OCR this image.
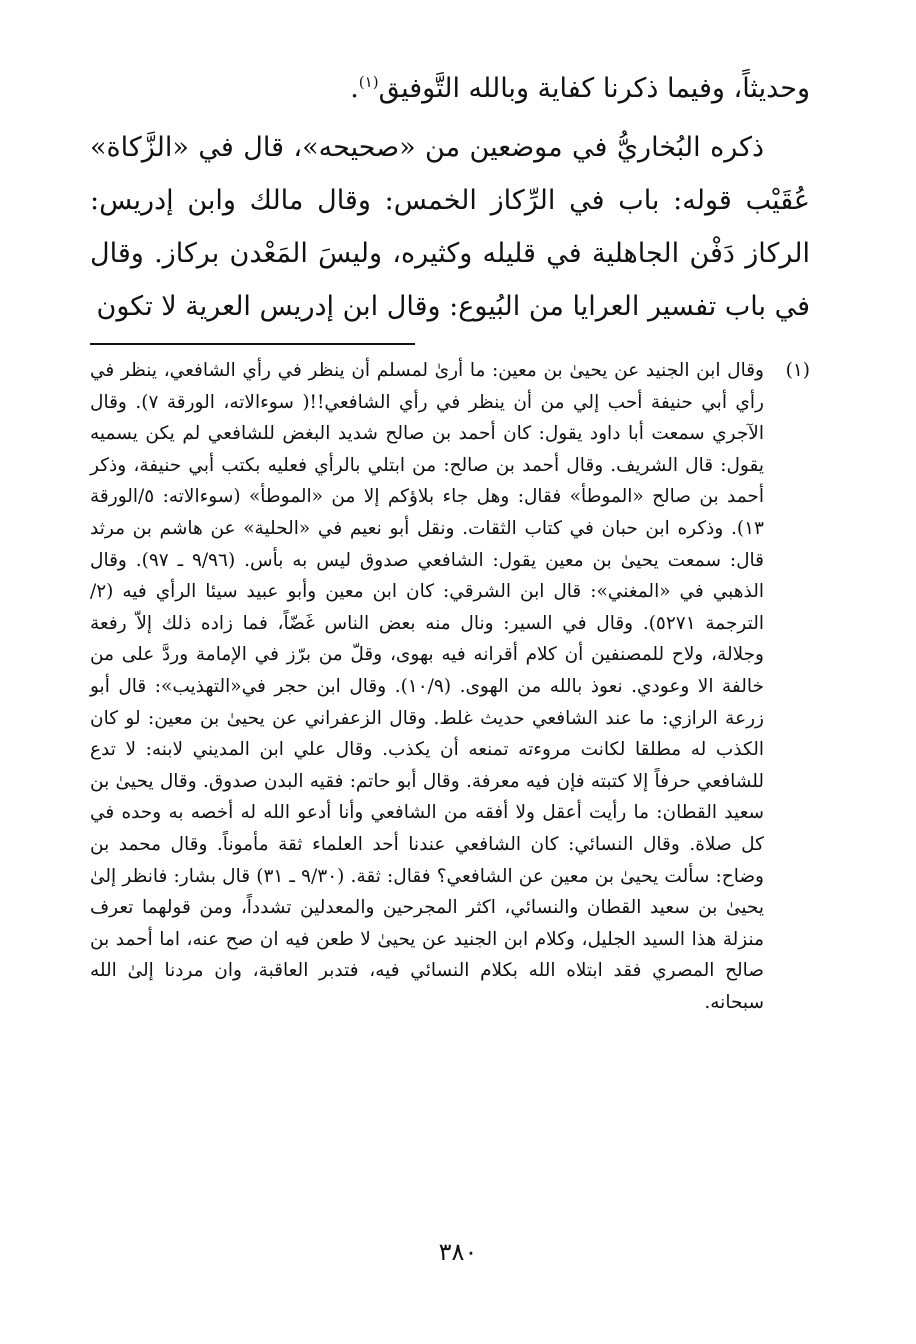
وحديثاً، وفيما ذكرنا كفاية وبالله التَّوفيق$^{(١)}$.

ذكره البُخاريُّ في موضعين من «صحيحه»، قال في «الزَّكاة» عُقَيْب قوله: باب في الرِّكاز الخمس: وقال مالك وابن إدريس: الركاز دَفْن الجاهلية في قليله وكثيره، وليسَ المَعْدن بركاز. وقال في باب تفسير العرايا من البُيوع: وقال ابن إدريس العرية لا تكون

(١)

وقال ابن الجنيد عن يحيىٰ بن معين: ما أرىٰ لمسلم أن ينظر في رأي الشافعي، ينظر في رأي أبي حنيفة أحب إلي من أن ينظر في رأي الشافعي!!( سوءالاته، الورقة ٧). وقال الآجري سمعت أبا داود يقول: كان أحمد بن صالح شديد البغض للشافعي لم يكن يسميه يقول: قال الشريف. وقال أحمد بن صالح: من ابتلي بالرأي فعليه بكتب أبي حنيفة، وذكر أحمد بن صالح «الموطأ» فقال: وهل جاء بلاؤكم إلا من «الموطأ» (سوءالاته: ٥/الورقة ١٣). وذكره ابن حبان في كتاب الثقات. ونقل أبو نعيم في «الحلية» عن هاشم بن مرثد قال: سمعت يحيىٰ بن معين يقول: الشافعي صدوق ليس به بأس. (٩/٩٦ ـ ٩٧). وقال الذهبي في «المغني»: قال ابن الشرقي: كان ابن معين وأبو عبيد سيئا الرأي فيه (٢/الترجمة ٥٢٧١). وقال في السير: ونال منه بعض الناس غَضّاً، فما زاده ذلك إلاّ رفعة وجلالة، ولاح للمصنفين أن كلام أقرانه فيه بهوى، وقلّ من برّز في الإمامة وردَّ على من خالفة الا وعودي. نعوذ بالله من الهوى. (١٠/٩). وقال ابن حجر في«التهذيب»: قال أبو زرعة الرازي: ما عند الشافعي حديث غلط. وقال الزعفراني عن يحيىٰ بن معين: لو كان الكذب له مطلقا لكانت مروءته تمنعه أن يكذب. وقال علي ابن المديني لابنه: لا تدع للشافعي حرفاً إلا كتبته فإن فيه معرفة. وقال أبو حاتم: فقيه البدن صدوق. وقال يحيىٰ بن سعيد القطان: ما رأيت أعقل ولا أفقه من الشافعي وأنا أدعو الله له أخصه به وحده في كل صلاة. وقال النسائي: كان الشافعي عندنا أحد العلماء ثقة مأموناً. وقال محمد بن وضاح: سألت يحيىٰ بن معين عن الشافعي؟ فقال: ثقة. (٩/٣٠ ـ ٣١) قال بشار: فانظر إلىٰ يحيىٰ بن سعيد القطان والنسائي، اكثر المجرحين والمعدلين تشدداً، ومن قولهما تعرف منزلة هذا السيد الجليل، وكلام ابن الجنيد عن يحيىٰ لا طعن فيه ان صح عنه، اما أحمد بن صالح المصري فقد ابتلاه الله بكلام النسائي فيه، فتدبر العاقبة، وان مردنا إلىٰ الله سبحانه.

٣٨٠
